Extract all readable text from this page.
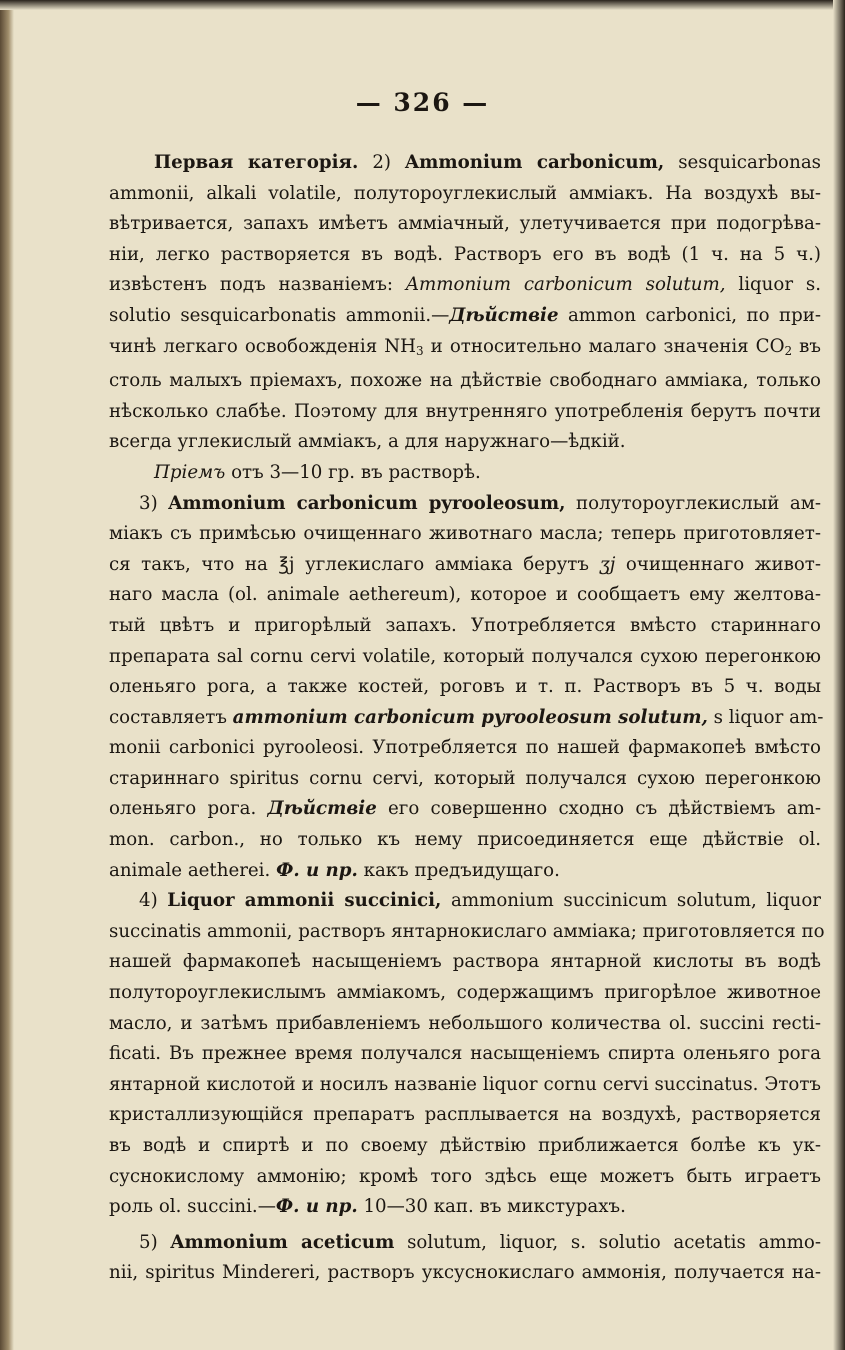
— 326 —
Первая категорія. 2) Ammonium carbonicum, sesquicarbonas
ammonii, alkali volatile, полутороуглекислый амміакъ. На воздухѣ вы-
вѣтривается, запахъ имѣетъ амміачный, улетучивается при подогрѣва-
ніи, легко растворяется въ водѣ. Растворъ его въ водѣ (1 ч. на 5 ч.)
извѣстенъ подъ названіемъ: Ammonium carbonicum solutum, liquor s.
solutio sesquicarbonatis ammonii.—Дѣйствіе ammon carbonici, по при-
чинѣ легкаго освобожденія $NH_3$ и относительно малаго значенія $CO_2$ въ
столь малыхъ пріемахъ, похоже на дѣйствіе свободнаго амміака, только
нѣсколько слабѣе. Поэтому для внутренняго употребленія берутъ почти
всегда углекислый амміакъ, а для наружнаго—ѣдкій.
Пріемъ отъ 3—10 гр. въ растворѣ.
3) Ammonium carbonicum pyrooleosum, полутороуглекислый ам-
міакъ съ примѣсью очищеннаго животнаго масла; теперь приготовляет-
ся такъ, что на ℥j углекислаго амміака берутъ ʒj очищеннаго живот-
наго масла (ol. animale aethereum), которое и сообщаетъ ему желтова-
тый цвѣтъ и пригорѣлый запахъ. Употребляется вмѣсто стариннаго
препарата sal cornu cervi volatile, который получался сухою перегонкою
оленьяго рога, а также костей, роговъ и т. п. Растворъ въ 5 ч. воды
составляетъ ammonium carbonicum pyrooleosum solutum, s liquor am-
monii carbonici pyrooleosi. Употребляется по нашей фармакопеѣ вмѣсто
стариннаго spiritus cornu cervi, который получался сухою перегонкою
оленьяго рога. Дѣйствіе его совершенно сходно съ дѣйствіемъ am-
mon. carbon., но только къ нему присоединяется еще дѣйствіе ol.
animale aetherei. Ф. и пр. какъ предъидущаго.
4) Liquor ammonii succinici, ammonium succinicum solutum, liquor
succinatis ammonii, растворъ янтарнокислаго амміака; приготовляется по
нашей фармакопеѣ насыщеніемъ раствора янтарной кислоты въ водѣ
полутороуглекислымъ амміакомъ, содержащимъ пригорѣлое животное
масло, и затѣмъ прибавленіемъ небольшого количества ol. succini recti-
ficati. Въ прежнее время получался насыщеніемъ спирта оленьяго рога
янтарной кислотой и носилъ названіе liquor cornu cervi succinatus. Этотъ
кристаллизующійся препаратъ расплывается на воздухѣ, растворяется
въ водѣ и спиртѣ и по своему дѣйствію приближается болѣе къ ук-
суснокислому аммонію; кромѣ того здѣсь еще можетъ быть играетъ
роль ol. succini.—Ф. и пр. 10—30 кап. въ микстурахъ.
5) Ammonium aceticum solutum, liquor, s. solutio acetatis ammo-
nii, spiritus Mindereri, растворъ уксуснокислаго аммонія, получается на-
